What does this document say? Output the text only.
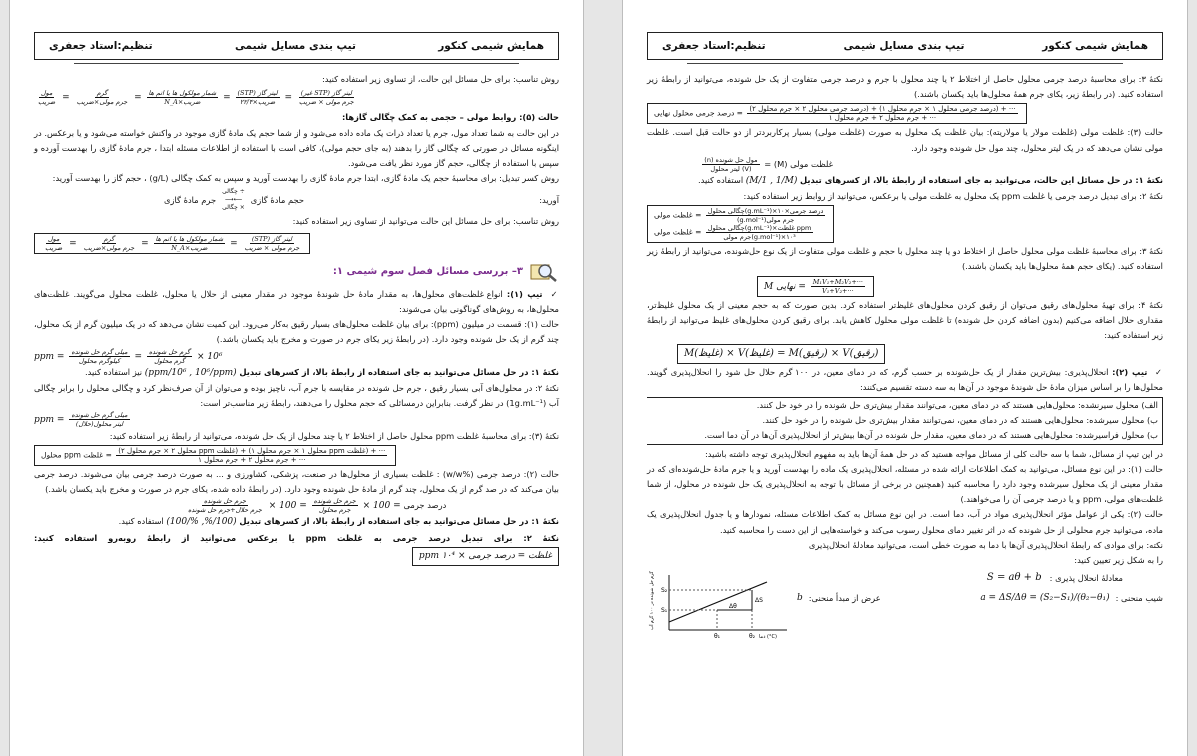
همایش شیمی کنکور
تیپ بندی مسایل شیمی
تنظیم:استاد جعفری

روش تناسب: برای حل مسائل این حالت، از تساوی زیر استفاده کنید:

$\frac{\text{مول}}{\text{ضریب}} = \frac{\text{گرم}}{\text{جرم مولی×ضریب}} = \frac{\text{شمار مولکول ها یا اتم ها}}{\text{N\_A×ضریب}} = \frac{\text{(STP) لیتر گاز}}{\text{ضریب×۲۲/۴}} = \frac{\text{(غیر STP) لیتر گاز}}{\text{جرم مولی × ضریب}}$

حالت (۵): روابط مولی – حجمی به کمک چگالی گازها:

در این حالت به شما تعداد مول، جرم یا تعداد ذرات یک ماده داده می‌شود و از شما حجم یک مادهٔ گازی موجود در واکنش خواسته می‌شود و یا برعکس. در اینگونه مسائل در صورتی که چگالی گاز را بدهند (به جای حجم مولی)، کافی است با استفاده از اطلاعات مسئله ابتدا ، جرم مادهٔ گازی را بهدست آورده و سپس با استفاده از چگالی، حجم گاز مورد نظر یافت می‌شود.

روش کسر تبدیل: برای محاسبهٔ حجم یک مادهٔ گازی، ابتدا جرم مادهٔ گازی را بهدست آورید و سپس به کمک چگالی (g/L) ، حجم گاز را بهدست آورید:

آورید:
حجم مادهٔ گازی
÷ چگالی
⟵⟶
× چگالی
جرم مادهٔ گازی

روش تناسب: برای حل مسائل این حالت می‌توانید از تساوی زیر استفاده کنید:

$\frac{\text{مول}}{\text{ضریب}} = \frac{\text{گرم}}{\text{جرم مولی×ضریب}} = \frac{\text{شمار مولکول ها یا اتم ها}}{\text{N\_A×ضریب}} = \frac{\text{(STP) لیتر گاز}}{\text{جرم مولی × ضریب}}$
۳– بررسی مسائل فصل سوم شیمی ۱:

✓ تیپ (۱): انواع غلظت‌های محلول‌ها، به مقدار مادهٔ حل شوندهٔ موجود در مقدار معینی از حلال یا محلول، غلظت محلول می‌گویند. غلظت‌های محلول‌ها، به روش‌های گوناگونی بیان می‌شوند:

حالت (۱): قسمت در میلیون (ppm): برای بیان غلظت محلول‌های بسیار رقیق به‌کار می‌رود. این کمیت نشان می‌دهد که در یک میلیون گرم از یک محلول، چند گرم از یک حل شونده وجود دارد. (در رابطهٔ زیر یکای جرم در صورت و مخرج باید یکسان باشد.)

ppm = $\frac{\text{میلی گرم حل شونده}}{\text{کیلوگرم محلول}} = \frac{\text{گرم حل شونده}}{\text{گرم محلول}} \times 10^6$

نکتهٔ ۱: در حل مسائل می‌توانید به جای استفاده از رابطهٔ بالا، از کسرهای تبدیل (ppm/10⁶ , 10⁶/ppm) نیز استفاده کنید.

نکتهٔ ۲: در محلول‌های آبی بسیار رقیق ، جرم حل شونده در مقایسه با جرم آب، ناچیز بوده و می‌توان از آن صرف‌نظر کرد و چگالی محلول را برابر چگالی آب (1g.mL⁻¹) در نظر گرفت. بنابراین درمسائلی که حجم محلول را می‌دهند، رابطهٔ زیر مناسب‌تر است:

ppm = $\frac{\text{میلی گرم حل شونده}}{\text{لیتر محلول(حلال)}}$

نکتهٔ (۳): برای محاسبهٔ غلظت ppm محلول حاصل از اختلاط ۲ یا چند محلول از یک حل شونده، می‌توانید از رابطهٔ زیر استفاده کنید:

··· + (غلظت ppm محلول ۱ × جرم محلول ۱) + (غلظت ppm محلول ۲ × جرم محلول ۲)
··· + جرم محلول ۲ + جرم محلول ۱
= غلظت ppm محلول

حالت (۲): درصد جرمی (%w/w) : غلظت بسیاری از محلول‌ها در صنعت، پزشکی، کشاورزی و ... به صورت درصد جرمی بیان می‌شوند. درصد جرمی بیان می‌کند که در صد گرم از یک محلول، چند گرم از مادهٔ حل شونده وجود دارد. (در رابطهٔ داده شده، یکای جرم در صورت و مخرج باید یکسان باشد.)

$\frac{\text{جرم حل شونده}}{\text{جرم حلال+جرم حل شونده}} \times 100 = \frac{\text{جرم حل شونده}}{\text{جرم محلول}} \times 100$ = درصد جرمی

نکتهٔ ۱: در حل مسائل می‌توانید به جای استفاده از رابطهٔ بالا، از کسرهای تبدیل (100/%, %/100) استفاده کنید.

نکتهٔ ۲: برای تبدیل درصد جرمی به غلظت ppm یا برعکس می‌توانید از رابطهٔ روبه‌رو استفاده کنید: ppm غلظت = درصد جرمی × ۱۰⁴

همایش شیمی کنکور
تیپ بندی مسایل شیمی
تنظیم:استاد جعفری

نکتهٔ ۳: برای محاسبهٔ درصد جرمی محلول حاصل از اختلاط ۲ یا چند محلول با جرم و درصد جرمی متفاوت از یک حل شونده، می‌توانید از رابطهٔ زیر استفاده کنید. (در رابطهٔ زیر، یکای جرم همهٔ محلول‌ها باید یکسان باشند.)

··· + (درصد جرمی محلول ۱ × جرم محلول ۱) + (درصد جرمی محلول ۲ × جرم محلول ۲)
··· + جرم محلول ۲ + جرم محلول ۱
= درصد جرمی محلول نهایی

حالت (۳): غلظت مولی (غلظت مولار یا مولاریته): بیان غلظت یک محلول به صورت (غلظت مولی) بسیار پرکاربردتر از دو حالت قبل است. غلظت مولی نشان می‌دهد که در یک لیتر محلول، چند مول حل شونده وجود دارد.

غلظت مولی (M) =
$\frac{\text{مول حل شونده (n)}}{\text{(V) لیتر محلول}}$

نکتهٔ ۱: در حل مسائل این حالت، می‌توانید به جای استفاده از رابطهٔ بالا، از کسرهای تبدیل (M/1 , 1/M) استفاده کنید.

نکتهٔ ۲: برای تبدیل درصد جرمی یا غلظت ppm یک محلول به غلظت مولی یا برعکس، می‌توانید از روابط زیر استفاده کنید:

غلظت مولی = $\frac{\text{چگالی محلول(g.mL⁻¹)×درصد جرمی×۱۰}}{\text{(g.mol⁻¹)جرم مولی}}$
غلظت مولی = $\frac{\text{چگالی محلول(g.mL⁻¹)×غلظت ppm}}{\text{جرم مولی(g.mol⁻¹)×۱۰³}}$

نکتهٔ ۳: برای محاسبهٔ غلظت مولی محلول حاصل از اختلاط دو یا چند محلول با حجم و غلظت مولی متفاوت از یک نوع حل‌شونده، می‌توانید از رابطهٔ زیر استفاده کنید. (یکای حجم همهٔ محلول‌ها باید یکسان باشند.)

M نهایی = $\frac{\text{M₁V₁+M₂V₂+···}}{\text{V₁+V₂+···}}$

نکتهٔ ۴: برای تهیهٔ محلول‌های رقیق می‌توان از رقیق کردن محلول‌های غلیظ‌تر استفاده کرد. بدین صورت که به حجم معینی از یک محلول غلیظ‌تر، مقداری حلال اضافه می‌کنیم (بدون اضافه کردن حل شونده) تا غلظت مولی محلول کاهش یابد. برای رقیق کردن محلول‌های غلیظ می‌توانید از رابطهٔ زیر استفاده کنید:

M(غلیظ) × V(غلیظ) = M(رقیق) × V(رقیق)

✓ تیپ (۲): انحلال‌پذیری: بیش‌ترین مقدار از یک حل‌شونده بر حسب گرم، که در دمای معین، در ۱۰۰ گرم حلال حل شود را انحلال‌پذیری گویند. محلول‌ها را بر اساس میزان مادهٔ حل شوندهٔ موجود در آن‌ها به سه دسته تقسیم می‌کنند:

الف) محلول سیرنشده: محلول‌هایی هستند که در دمای معین، می‌توانند مقدار بیش‌تری حل شونده را در خود حل کنند.

ب) محلول سیرشده: محلول‌هایی هستند که در دمای معین، نمی‌توانند مقدار بیش‌تری حل شونده را در خود حل کنند.

ب) محلول فراسیرشده: محلول‌هایی هستند که در دمای معین، مقدار حل شونده در آن‌ها بیش‌تر از انحلال‌پذیری آن‌ها در آن دما است.

در این تیپ از مسائل، شما با سه حالت کلی از مسائل مواجه هستید که در حل همهٔ آن‌ها باید به مفهوم انحلال‌پذیری توجه داشته باشید:

حالت (۱): در این نوع مسائل، می‌توانید به کمک اطلاعات ارائه شده در مسئله، انحلال‌پذیری یک ماده را بهدست آورید و یا جرم مادهٔ حل‌شونده‌ای که در مقدار معینی از یک محلول سیرشده وجود دارد را محاسبه کنید (همچنین در برخی از مسائل با توجه به انحلال‌پذیری یک حل شونده در محلول، از شما غلظت‌های مولی، ppm و یا درصد جرمی آن را می‌خواهند.)

حالت (۲): یکی از عوامل مؤثر انحلال‌پذیری مواد در آب، دما است. در این نوع مسائل به کمک اطلاعات مسئله، نمودارها و یا جدول انحلال‌پذیری یک ماده، می‌توانید جرم محلولی از حل شونده که در اثر تغییر دمای محلول رسوب می‌کند و خواسته‌هایی از این دست را محاسبه کنید.

نکته: برای موادی که رابطهٔ انحلال‌پذیری آن‌ها با دما به صورت خطی است، می‌توانید معادلهٔ انحلال‌پذیری

را به شکل زیر تعیین کنید:

S₁
S₂
θ₁	θ₂
ΔS
Δθ
دما (°C)
گرم حل شونده در ۱۰۰ گرم آب	معادلهٔ انحلال پذیری :
S = aθ + b
شیب منحنی :
a = ΔS/Δθ = (S₂−S₁)/(θ₂−θ₁)
عرض از مبدأ منحنی:
b
